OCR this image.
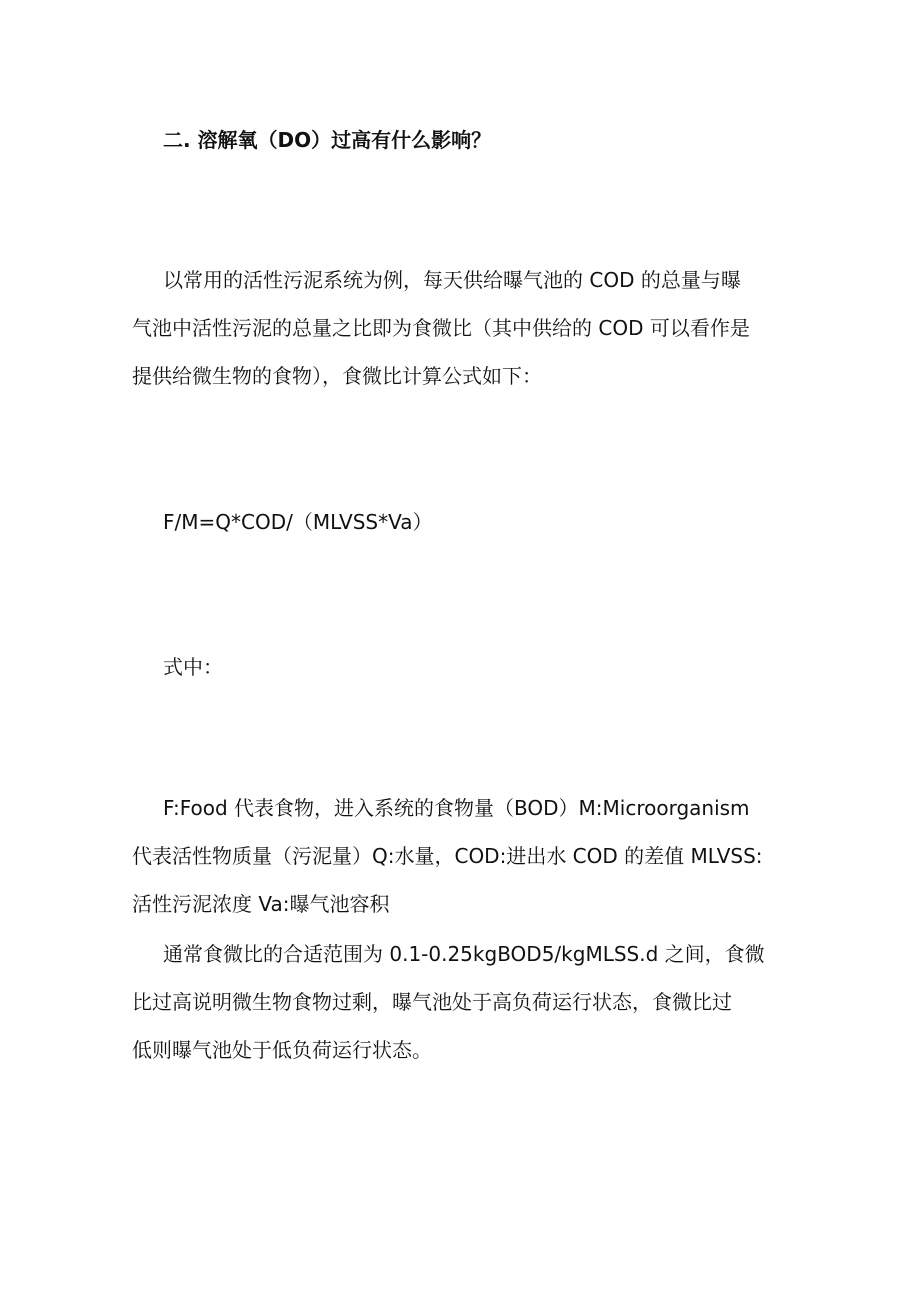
二. 溶解氧（DO）过高有什么影响？
以常用的活性污泥系统为例，每天供给曝气池的 COD 的总量与曝
气池中活性污泥的总量之比即为食微比（其中供给的 COD 可以看作是
提供给微生物的食物），食微比计算公式如下：
F/M=Q*COD/（MLVSS*Va）
式中：
F:Food 代表食物，进入系统的食物量（BOD）M:Microorganism
代表活性物质量（污泥量）Q:水量，COD:进出水 COD 的差值 MLVSS:
活性污泥浓度 Va:曝气池容积
通常食微比的合适范围为 0.1-0.25kgBOD5/kgMLSS.d 之间，食微
比过高说明微生物食物过剩，曝气池处于高负荷运行状态，食微比过
低则曝气池处于低负荷运行状态。
